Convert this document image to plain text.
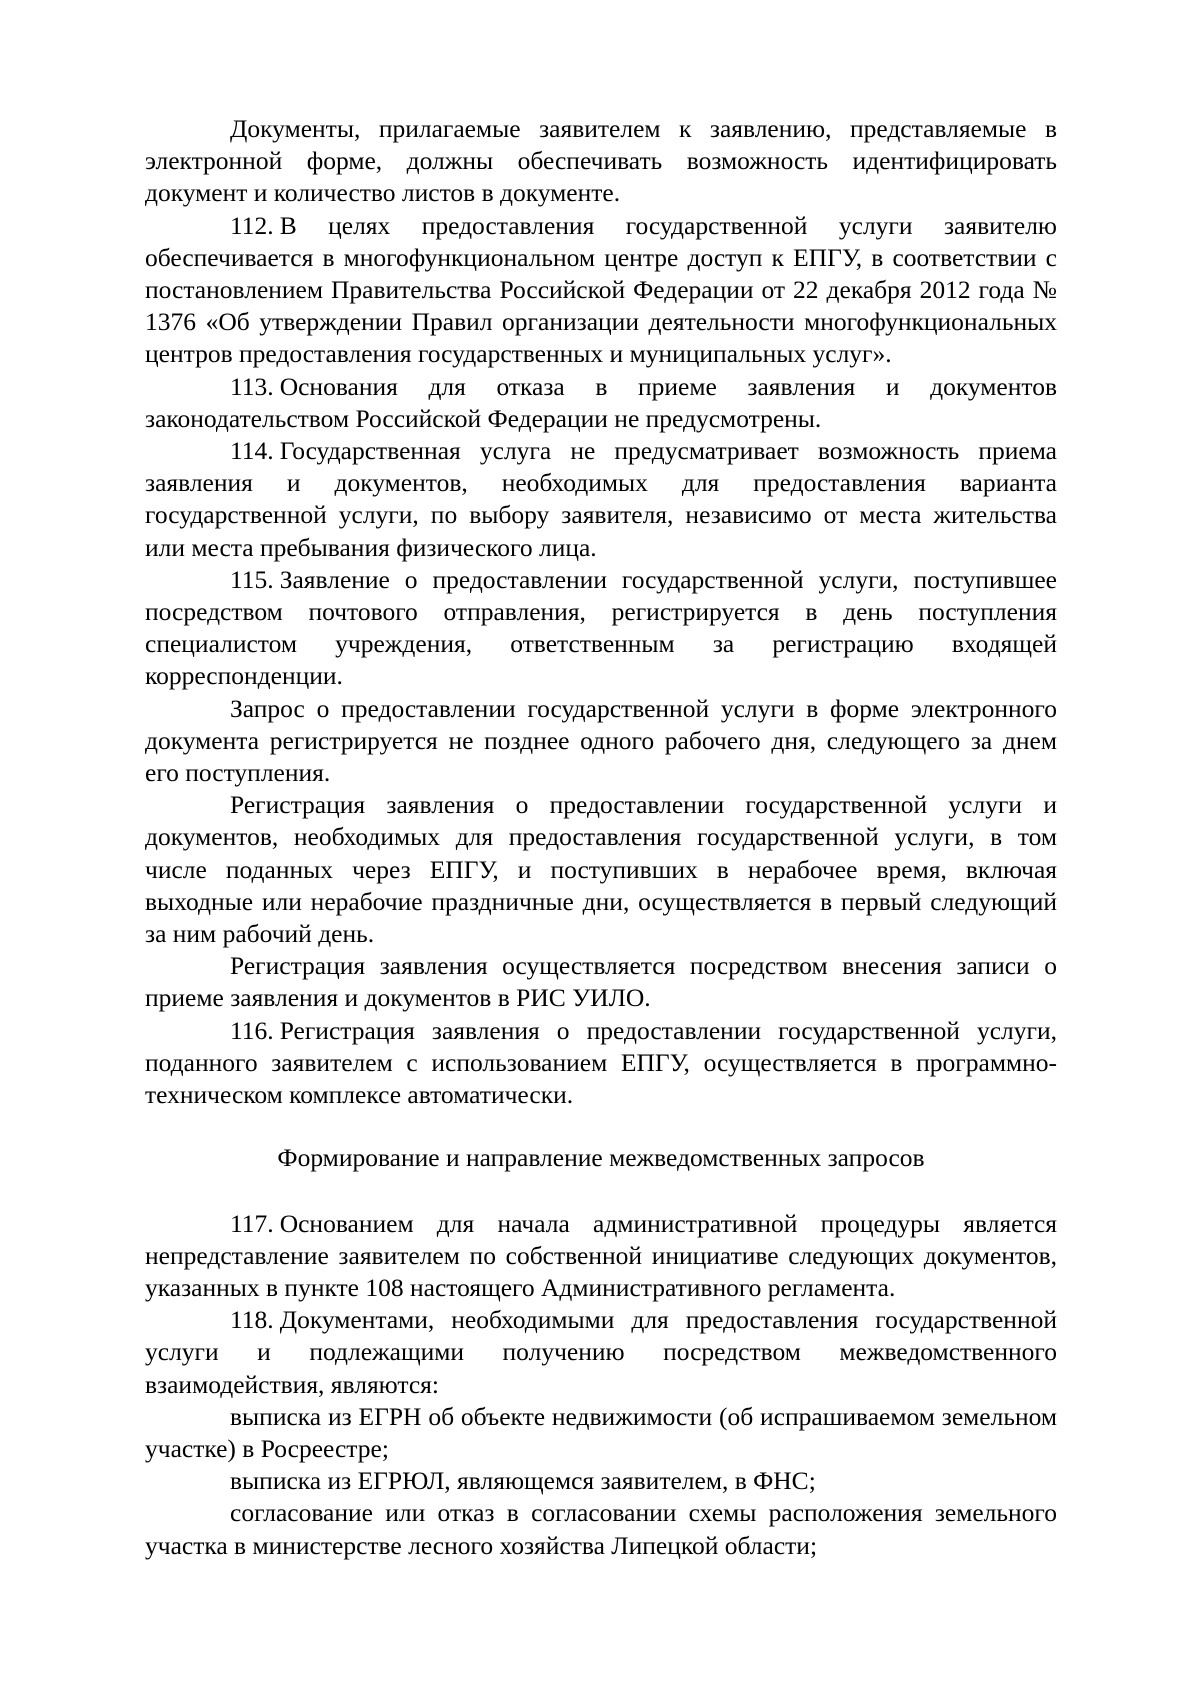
Документы, прилагаемые заявителем к заявлению, представляемые в электронной форме, должны обеспечивать возможность идентифицировать документ и количество листов в документе.

112. В целях предоставления государственной услуги заявителю обеспечивается в многофункциональном центре доступ к ЕПГУ, в соответствии с постановлением Правительства Российской Федерации от 22 декабря 2012 года № 1376 «Об утверждении Правил организации деятельности многофункциональных центров предоставления государственных и муниципальных услуг».

113. Основания для отказа в приеме заявления и документов законодательством Российской Федерации не предусмотрены.

114. Государственная услуга не предусматривает возможность приема заявления и документов, необходимых для предоставления варианта государственной услуги, по выбору заявителя, независимо от места жительства или места пребывания физического лица.

115. Заявление о предоставлении государственной услуги, поступившее посредством почтового отправления, регистрируется в день поступления специалистом учреждения, ответственным за регистрацию входящей корреспонденции.

Запрос о предоставлении государственной услуги в форме электронного документа регистрируется не позднее одного рабочего дня, следующего за днем его поступления.

Регистрация заявления о предоставлении государственной услуги и документов, необходимых для предоставления государственной услуги, в том числе поданных через ЕПГУ, и поступивших в нерабочее время, включая выходные или нерабочие праздничные дни, осуществляется в первый следующий за ним рабочий день.

Регистрация заявления осуществляется посредством внесения записи о приеме заявления и документов в РИС УИЛО.

116. Регистрация заявления о предоставлении государственной услуги, поданного заявителем с использованием ЕПГУ, осуществляется в программно-техническом комплексе автоматически.

Формирование и направление межведомственных запросов

117. Основанием для начала административной процедуры является непредставление заявителем по собственной инициативе следующих документов, указанных в пункте 108 настоящего Административного регламента.

118. Документами, необходимыми для предоставления государственной услуги и подлежащими получению посредством межведомственного взаимодействия, являются:

выписка из ЕГРН об объекте недвижимости (об испрашиваемом земельном участке) в Росреестре;

выписка из ЕГРЮЛ, являющемся заявителем, в ФНС;

согласование или отказ в согласовании схемы расположения земельного участка в министерстве лесного хозяйства Липецкой области;
